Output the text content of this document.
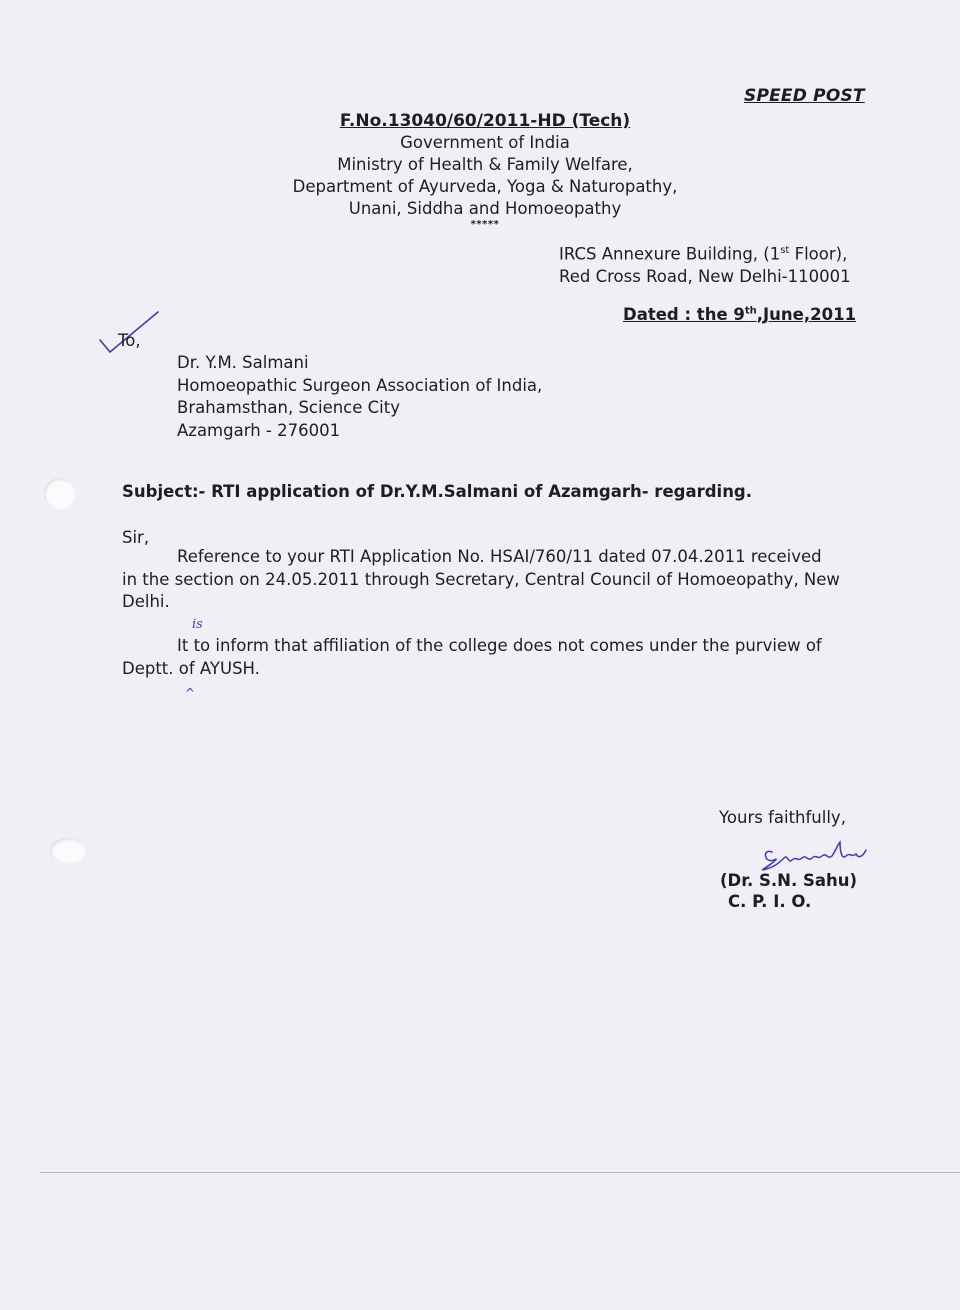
SPEED POST
F.No.13040/60/2011-HD (Tech)
Government of India
Ministry of Health & Family Welfare,
Department of Ayurveda, Yoga & Naturopathy,
Unani, Siddha and Homoeopathy
*****
IRCS Annexure Building, (1st Floor),
Red Cross Road, New Delhi-110001
Dated : the 9th,June,2011
To,
Dr. Y.M. Salmani
Homoeopathic Surgeon Association of India,
Brahamsthan, Science City
Azamgarh - 276001
Subject:- RTI application of Dr.Y.M.Salmani of Azamgarh- regarding.
Sir,
Reference to your RTI Application No. HSAI/760/11 dated 07.04.2011 received
in the section on 24.05.2011 through Secretary, Central Council of Homoeopathy, New
Delhi.
is
It to inform that affiliation of the college does not comes under the purview of
Deptt. of AYUSH.
^
Yours faithfully,
(Dr. S.N. Sahu)
C. P. I. O.
